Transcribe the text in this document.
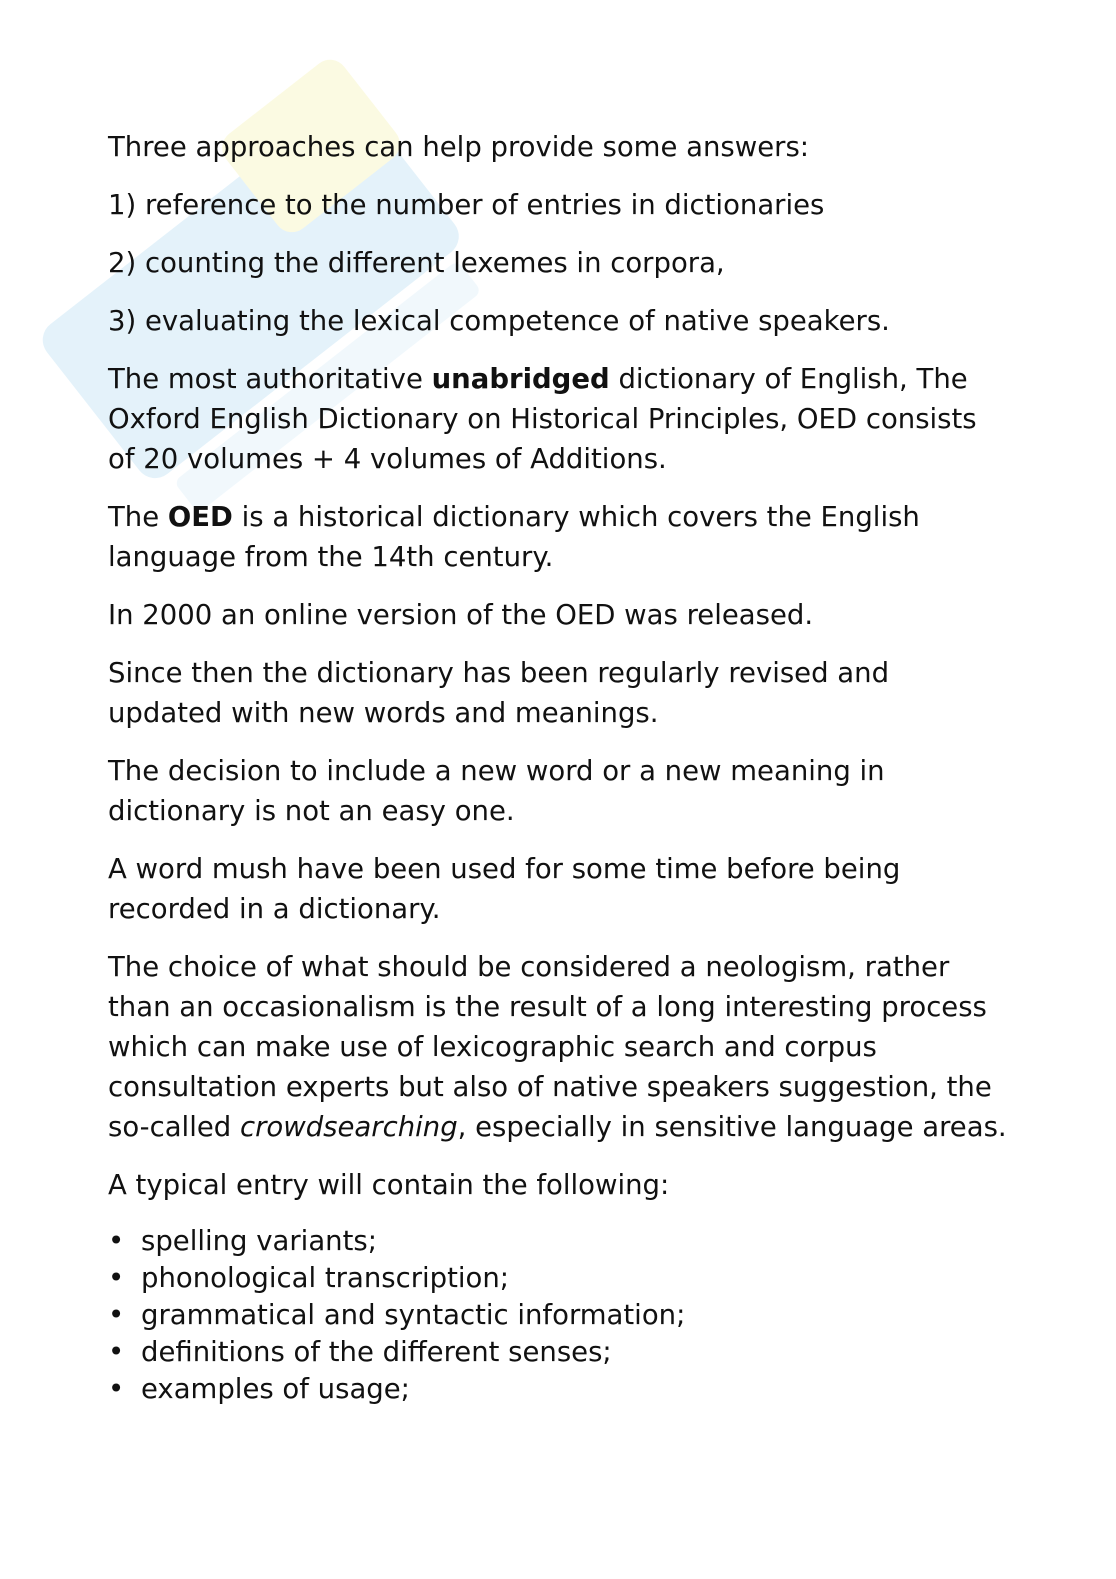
Three approaches can help provide some answers:

1) reference to the number of entries in dictionaries

2) counting the different lexemes in corpora,

3) evaluating the lexical competence of native speakers.

The most authoritative unabridged dictionary of English, The Oxford English Dictionary on Historical Principles, OED consists of 20 volumes + 4 volumes of Additions.

The OED is a historical dictionary which covers the English language from the 14th century.

In 2000 an online version of the OED was released.

Since then the dictionary has been regularly revised and updated with new words and meanings.

The decision to include a new word or a new meaning in dictionary is not an easy one.

A word mush have been used for some time before being recorded in a dictionary.

The choice of what should be considered a neologism, rather than an occasionalism is the result of a long interesting process which can make use of lexicographic search and corpus consultation experts but also of native speakers suggestion, the so-called crowdsearching, especially in sensitive language areas.

A typical entry will contain the following:

• spelling variants;
• phonological transcription;
• grammatical and syntactic information;
• definitions of the different senses;
• examples of usage;
